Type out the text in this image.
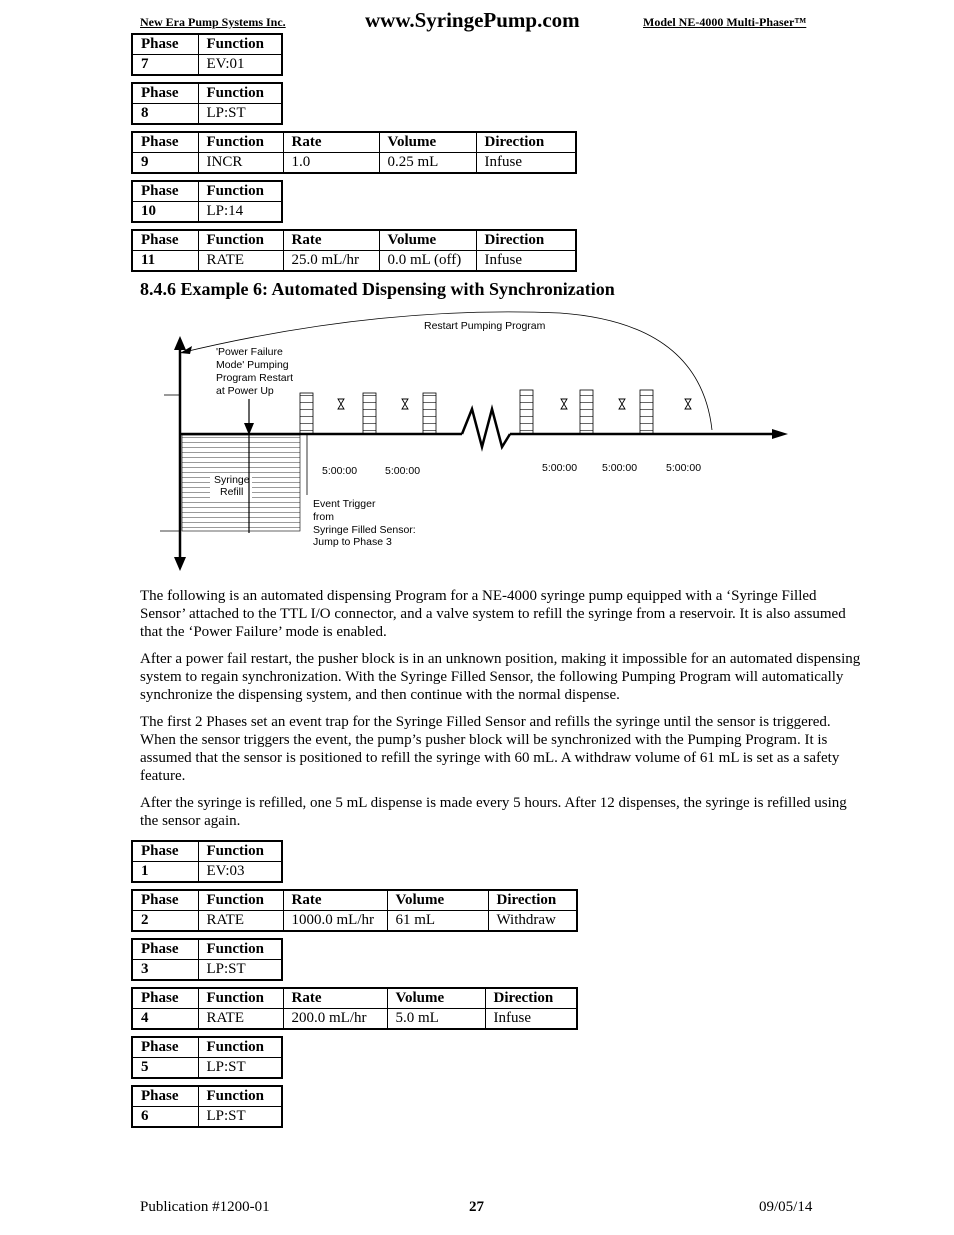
New Era Pump Systems Inc.	www.SyringePump.com	Model NE-4000 Multi-Phaser™
Phase	Function
7	EV:01
Phase	Function
8	LP:ST
Phase	Function	Rate	Volume	Direction
9	INCR	1.0	0.25 mL	Infuse
Phase	Function
10	LP:14
Phase	Function	Rate	Volume	Direction
11	RATE	25.0 mL/hr	0.0 mL (off)	Infuse
8.4.6 Example 6: Automated Dispensing with Synchronization
Restart Pumping Program
Syringe
Refill
'Power Failure
Mode' Pumping
Program Restart
at Power Up
5:00:00	5:00:00	5:00:00 5:00:00	5:00:00
Event Trigger
from
Syringe Filled Sensor:
Jump to Phase 3

The following is an automated dispensing Program for a NE-4000 syringe pump equipped with a ‘Syringe Filled Sensor’ attached to the TTL I/O connector, and a valve system to refill the syringe from a reservoir. It is also assumed that the ‘Power Failure’ mode is enabled.

After a power fail restart, the pusher block is in an unknown position, making it impossible for an automated dispensing system to regain synchronization. With the Syringe Filled Sensor, the following Pumping Program will automatically synchronize the dispensing system, and then continue with the normal dispense.

The first 2 Phases set an event trap for the Syringe Filled Sensor and refills the syringe until the sensor is triggered. When the sensor triggers the event, the pump’s pusher block will be synchronized with the Pumping Program. It is assumed that the sensor is positioned to refill the syringe with 60 mL. A withdraw volume of 61 mL is set as a safety feature.

After the syringe is refilled, one 5 mL dispense is made every 5 hours. After 12 dispenses, the syringe is refilled using the sensor again.

Phase	Function
1	EV:03
Phase	Function	Rate	Volume	Direction
2	RATE	1000.0 mL/hr	61 mL	Withdraw
Phase	Function
3	LP:ST
Phase	Function	Rate	Volume	Direction
4	RATE	200.0 mL/hr	5.0 mL	Infuse
Phase	Function
5	LP:ST
Phase	Function
6	LP:ST
Publication #1200-01	27	09/05/14
